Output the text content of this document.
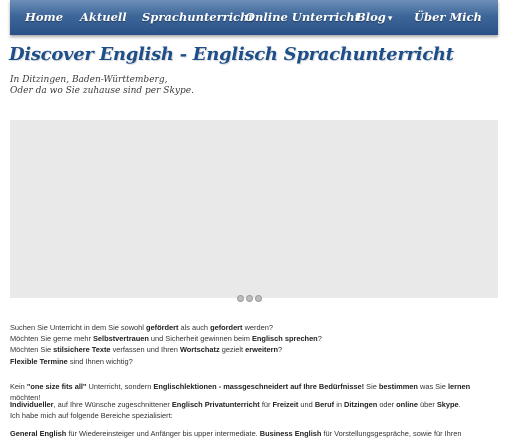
Home Aktuell Sprachunterricht
Online Unterricht
Blog ▾ Über Mich
Discover English - Englisch Sprachunterricht
In Ditzingen, Baden-Württemberg,
Oder da wo Sie zuhause sind per Skype.
Suchen Sie Unterricht in dem Sie sowohl gefördert als auch gefordert werden?
Möchten Sie gerne mehr Selbstvertrauen und Sicherheit gewinnen beim Englisch sprechen?
Möchten Sie stilsichere Texte verfassen und Ihren Wortschatz gezielt erweitern?
Flexible Termine sind Ihnen wichtig?
Kein "one size fits all" Unterricht, sondern Englischlektionen - massgeschneidert auf Ihre Bedürfnisse! Sie bestimmen was Sie lernen möchten!
Individueller, auf Ihre Wünsche zugeschnittener Englisch Privatunterricht für Freizeit und Beruf in Ditzingen oder online über Skype.
Ich habe mich auf folgende Bereiche spezialisiert:
General English für Wiedereinsteiger und Anfänger bis upper intermediate. Business English für Vorstellungsgespräche, sowie für Ihren
